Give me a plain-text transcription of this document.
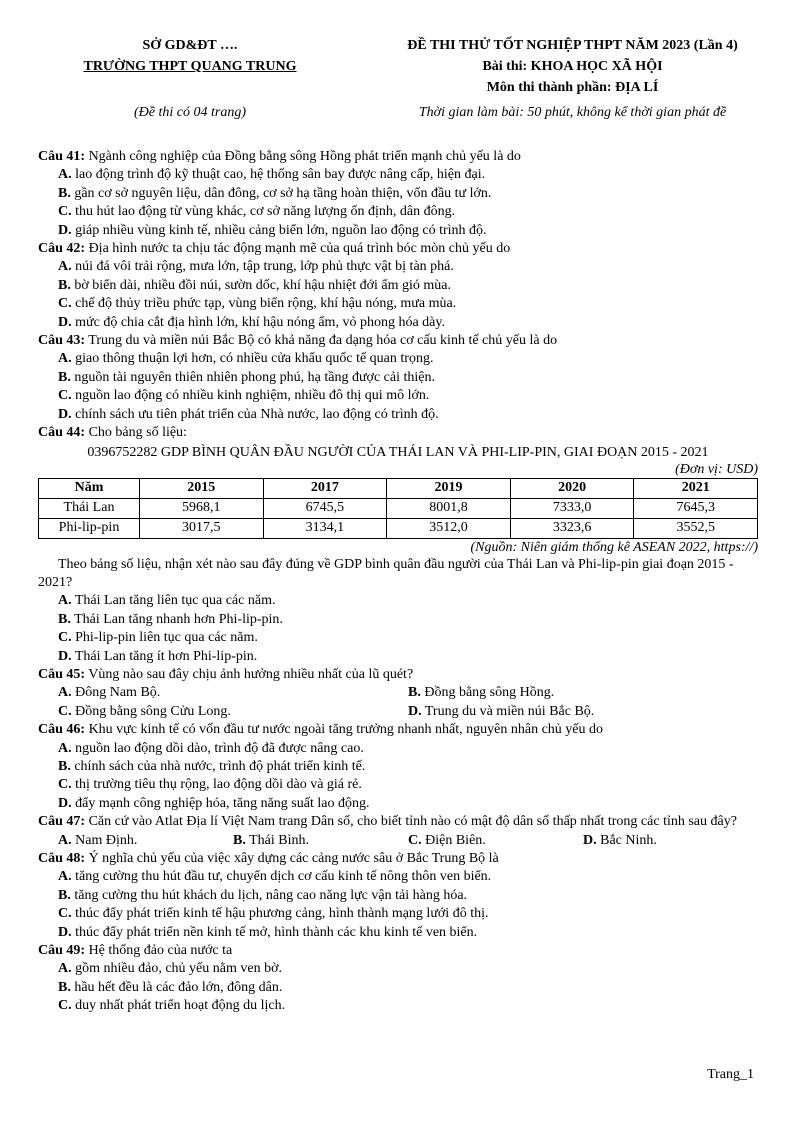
SỞ GD&ĐT ….
TRƯỜNG THPT QUANG TRUNG
ĐỀ THI THỬ TỐT NGHIỆP THPT NĂM 2023 (Lần 4)
Bài thi: KHOA HỌC XÃ HỘI
Môn thi thành phần: ĐỊA LÍ
(Đề thi có 04 trang)	Thời gian làm bài: 50 phút, không kể thời gian phát đề

Câu 41: Ngành công nghiệp của Đồng bằng sông Hồng phát triển mạnh chủ yếu là do

A. lao động trình độ kỹ thuật cao, hệ thống sân bay được nâng cấp, hiện đại.

B. gần cơ sở nguyên liệu, dân đông, cơ sở hạ tầng hoàn thiện, vốn đầu tư lớn.

C. thu hút lao động từ vùng khác, cơ sở năng lượng ổn định, dân đông.

D. giáp nhiều vùng kinh tế, nhiều cảng biển lớn, nguồn lao động có trình độ.

Câu 42: Địa hình nước ta chịu tác động mạnh mẽ của quá trình bóc mòn chủ yếu do

A. núi đá vôi trải rộng, mưa lớn, tập trung, lớp phủ thực vật bị tàn phá.

B. bờ biển dài, nhiều đồi núi, sườn dốc, khí hậu nhiệt đới ẩm gió mùa.

C. chế độ thủy triều phức tạp, vùng biển rộng, khí hậu nóng, mưa mùa.

D. mức độ chia cắt địa hình lớn, khí hậu nóng ẩm, vỏ phong hóa dày.

Câu 43: Trung du và miền núi Bắc Bộ có khả năng đa dạng hóa cơ cấu kinh tế chủ yếu là do

A. giao thông thuận lợi hơn, có nhiều cửa khẩu quốc tế quan trọng.

B. nguồn tài nguyên thiên nhiên phong phú, hạ tầng được cải thiện.

C. nguồn lao động có nhiều kinh nghiệm, nhiều đô thị qui mô lớn.

D. chính sách ưu tiên phát triển của Nhà nước, lao động có trình độ.

Câu 44: Cho bảng số liệu:

0396752282 GDP BÌNH QUÂN ĐẦU NGƯỜI CỦA THÁI LAN VÀ PHI-LIP-PIN, GIAI ĐOẠN 2015 - 2021
(Đơn vị: USD)
Năm	2015	2017	2019	2020	2021
Thái Lan	5968,1	6745,5	8001,8	7333,0	7645,3
Phi-lip-pin	3017,5	3134,1	3512,0	3323,6	3552,5
(Nguồn: Niên giám thống kê ASEAN 2022, https://)

Theo bảng số liệu, nhận xét nào sau đây đúng về GDP bình quân đầu người của Thái Lan và Phi-lip-pin giai đoạn 2015 - 2021?

A. Thái Lan tăng liên tục qua các năm.

B. Thái Lan tăng nhanh hơn Phi-lip-pin.

C. Phi-lip-pin liên tục qua các năm.

D. Thái Lan tăng ít hơn Phi-lip-pin.

Câu 45: Vùng nào sau đây chịu ảnh hưởng nhiều nhất của lũ quét?

A. Đông Nam Bộ.	B. Đồng bằng sông Hồng.
C. Đồng bằng sông Cửu Long.	D. Trung du và miền núi Bắc Bộ.

Câu 46: Khu vực kinh tế có vốn đầu tư nước ngoài tăng trưởng nhanh nhất, nguyên nhân chủ yếu do

A. nguồn lao động dồi dào, trình độ đã được nâng cao.

B. chính sách của nhà nước, trình độ phát triển kinh tế.

C. thị trường tiêu thụ rộng, lao động dồi dào và giá rẻ.

D. đẩy mạnh công nghiệp hóa, tăng năng suất lao động.

Câu 47: Căn cứ vào Atlat Địa lí Việt Nam trang Dân số, cho biết tỉnh nào có mật độ dân số thấp nhất trong các tỉnh sau đây?

A. Nam Định.	B. Thái Bình.	C. Điện Biên.	D. Bắc Ninh.

Câu 48: Ý nghĩa chủ yếu của việc xây dựng các cảng nước sâu ở Bắc Trung Bộ là

A. tăng cường thu hút đầu tư, chuyển dịch cơ cấu kinh tế nông thôn ven biển.

B. tăng cường thu hút khách du lịch, nâng cao năng lực vận tải hàng hóa.

C. thúc đẩy phát triển kinh tế hậu phương cảng, hình thành mạng lưới đô thị.

D. thúc đẩy phát triển nền kinh tế mở, hình thành các khu kinh tế ven biển.

Câu 49: Hệ thống đảo của nước ta

A. gồm nhiều đảo, chủ yếu nằm ven bờ.

B. hầu hết đều là các đảo lớn, đông dân.

C. duy nhất phát triển hoạt động du lịch.

Trang_1
